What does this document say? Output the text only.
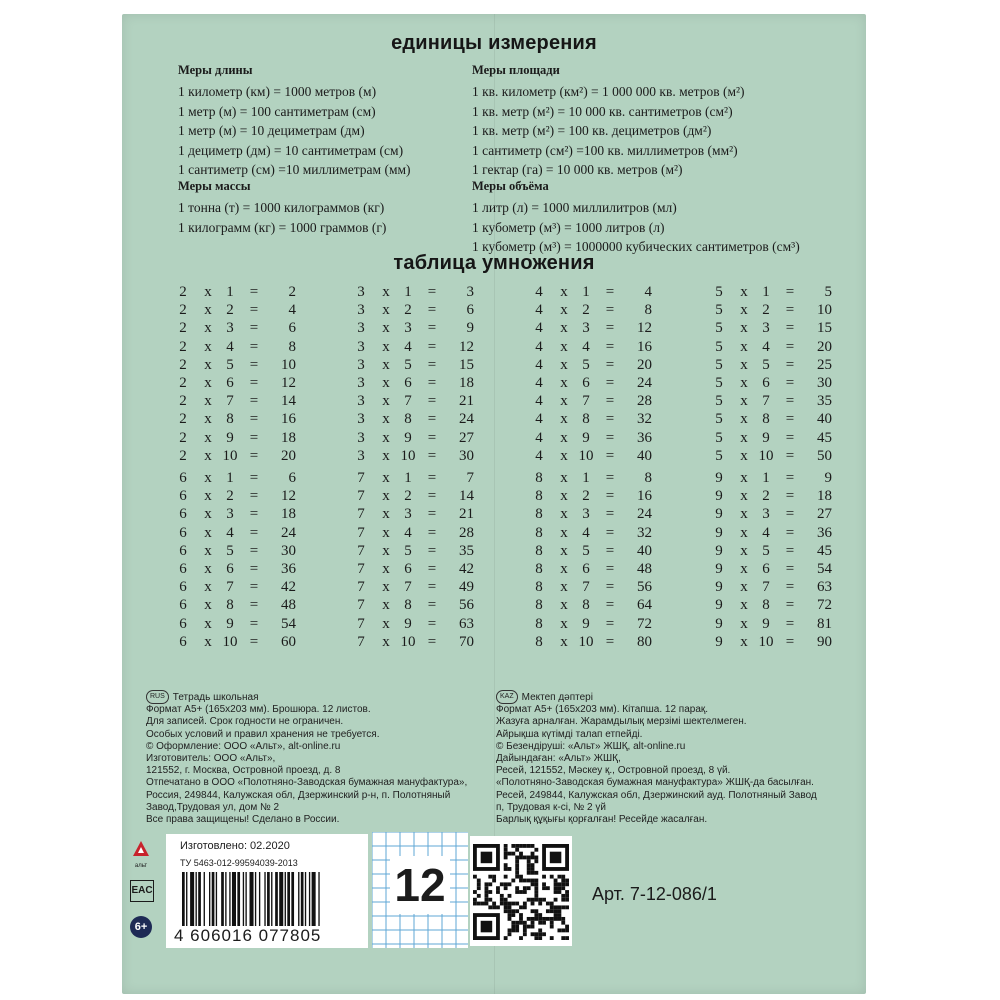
единицы измерения
Меры длины
1 километр (км) = 1000 метров (м)
1 метр (м) = 100 сантиметрам (см)
1 метр (м) = 10 дециметрам (дм)
1 дециметр (дм) = 10 сантиметрам (см)
1 сантиметр (см) =10 миллиметрам (мм)
Меры массы
1 тонна (т) = 1000 килограммов (кг)
1 килограмм (кг) = 1000 граммов (г)
Меры площади
1 кв. километр (км²) = 1 000 000 кв. метров (м²)
1 кв. метр (м²) = 10 000 кв. сантиметров (см²)
1 кв. метр (м²) = 100 кв. дециметров (дм²)
1 сантиметр (см²) =100 кв. миллиметров (мм²)
1 гектар (га) = 10 000 кв. метров (м²)
Меры объёма
1 литр (л) = 1000 миллилитров (мл)
1 кубометр (м³) = 1000 литров (л)
1 кубометр (м³) = 1000000 кубических сантиметров (см³)
таблица умножения
2 x 1	=	2
2 x 2	=	4
2 x 3	=	6
2 x 4	=	8
2 x 5	=	10
2 x 6	=	12
2 x 7	=	14
2 x 8	=	16
2 x 9	=	18
2 x 10 =	20
3 x 1	=	3
3 x 2	=	6
3 x 3	=	9
3 x 4	=	12
3 x 5	=	15
3 x 6	=	18
3 x 7	=	21
3 x 8	=	24
3 x 9	=	27
3 x 10 =	30
4 x 1	=	4
4 x 2	=	8
4 x 3	=	12
4 x 4	=	16
4 x 5	=	20
4 x 6	=	24
4 x 7	=	28
4 x 8	=	32
4 x 9	=	36
4 x 10 =	40
5 x 1	=	5
5 x 2	=	10
5 x 3	=	15
5 x 4	=	20
5 x 5	=	25
5 x 6	=	30
5 x 7	=	35
5 x 8	=	40
5 x 9	=	45
5 x 10 =	50
6 x 1	=	6
6 x 2	=	12
6 x 3	=	18
6 x 4	=	24
6 x 5	=	30
6 x 6	=	36
6 x 7	=	42
6 x 8	=	48
6 x 9	=	54
6 x 10 =	60
7 x 1	=	7
7 x 2	=	14
7 x 3	=	21
7 x 4	=	28
7 x 5	=	35
7 x 6	=	42
7 x 7	=	49
7 x 8	=	56
7 x 9	=	63
7 x 10 =	70
8 x 1	=	8
8 x 2	=	16
8 x 3	=	24
8 x 4	=	32
8 x 5	=	40
8 x 6	=	48
8 x 7	=	56
8 x 8	=	64
8 x 9	=	72
8 x 10 =	80
9 x 1	=	9
9 x 2	=	18
9 x 3	=	27
9 x 4	=	36
9 x 5	=	45
9 x 6	=	54
9 x 7	=	63
9 x 8	=	72
9 x 9	=	81
9 x 10 =	90
RUS Тетрадь школьная
Формат А5+ (165х203 мм). Брошюра. 12 листов.
Для записей. Срок годности не ограничен.
Особых условий и правил хранения не требуется.
© Оформление: ООО «Альт», alt-online.ru
Изготовитель: ООО «Альт»,
121552, г. Москва, Островной проезд, д. 8
Отпечатано в ООО «Полотняно-Заводская бумажная мануфактура»,
Россия, 249844, Калужская обл, Дзержинский р-н, п. Полотняный
Завод,Трудовая ул, дом № 2
Все права защищены! Сделано в России.
KAZ Мектеп дәптері
Формат А5+ (165х203 мм). Кітапша. 12 парақ.
Жазуға арналған. Жарамдылық мерзімі шектелмеген.
Айрықша күтімді талап етпейді.
© Безендірушi: «Альт» ЖШҚ, alt-online.ru
Дайындаған: «Альт» ЖШҚ,
Ресей, 121552, Мәскеу қ., Островной проезд, 8 үй.
«Полотняно-Заводская бумажная мануфактура» ЖШҚ-да басылған.
Ресей, 249844, Калужская обл, Дзержинский ауд. Полотняный Завод
п, Трудовая к-сі, № 2 үй
Барлық құқығы қорғалған! Ресейде жасалған.
альт
EAC
6+
Изготовлено: 02.2020
ТУ 5463-012-99594039-2013
4 606016 077805
12	Арт. 7-12-086/1
